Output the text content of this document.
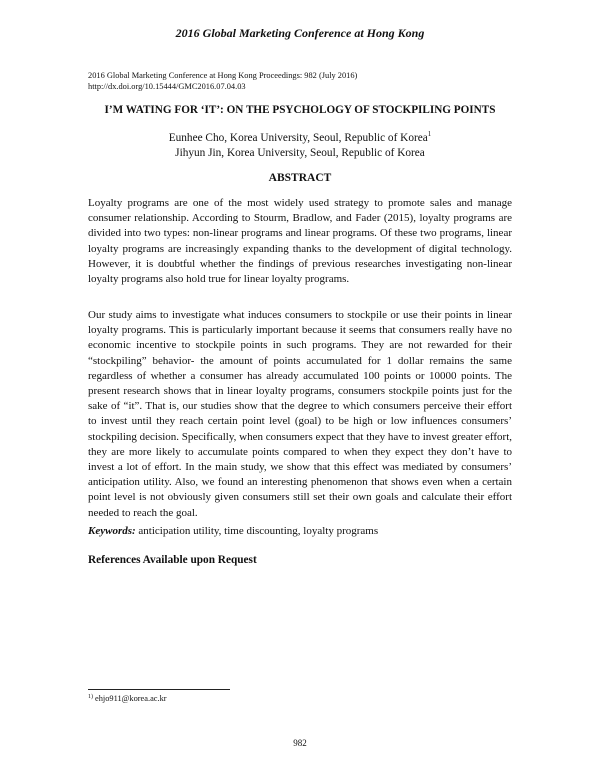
2016 Global Marketing Conference at Hong Kong
2016 Global Marketing Conference at Hong Kong Proceedings: 982 (July 2016)
http://dx.doi.org/10.15444/GMC2016.07.04.03
I’M WATING FOR ‘IT’: ON THE PSYCHOLOGY OF STOCKPILING POINTS
Eunhee Cho, Korea University, Seoul, Republic of Korea$^1$
Jihyun Jin, Korea University, Seoul, Republic of Korea
ABSTRACT

Loyalty programs are one of the most widely used strategy to promote sales and manage consumer relationship. According to Stourm, Bradlow, and Fader (2015), loyalty programs are divided into two types: non-linear programs and linear programs. Of these two programs, linear loyalty programs are increasingly expanding thanks to the development of digital technology. However, it is doubtful whether the findings of previous researches investigating non-linear loyalty programs also hold true for linear loyalty programs.

Our study aims to investigate what induces consumers to stockpile or use their points in linear loyalty programs. This is particularly important because it seems that consumers really have no economic incentive to stockpile points in such programs. They are not rewarded for their “stockpiling” behavior- the amount of points accumulated for 1 dollar remains the same regardless of whether a consumer has already accumulated 100 points or 10000 points. The present research shows that in linear loyalty programs, consumers stockpile points just for the sake of “it”. That is, our studies show that the degree to which consumers perceive their effort to invest until they reach certain point level (goal) to be high or low influences consumers’ stockpiling decision. Specifically, when consumers expect that they have to invest greater effort, they are more likely to accumulate points compared to when they expect they don’t have to invest a lot of effort. In the main study, we show that this effect was mediated by consumers’ anticipation utility. Also, we found an interesting phenomenon that shows even when a certain point level is not obviously given consumers still set their own goals and calculate their effort needed to reach the goal.

Keywords: anticipation utility, time discounting, loyalty programs
References Available upon Request
$^{1)}$ ehjo911@korea.ac.kr
982
